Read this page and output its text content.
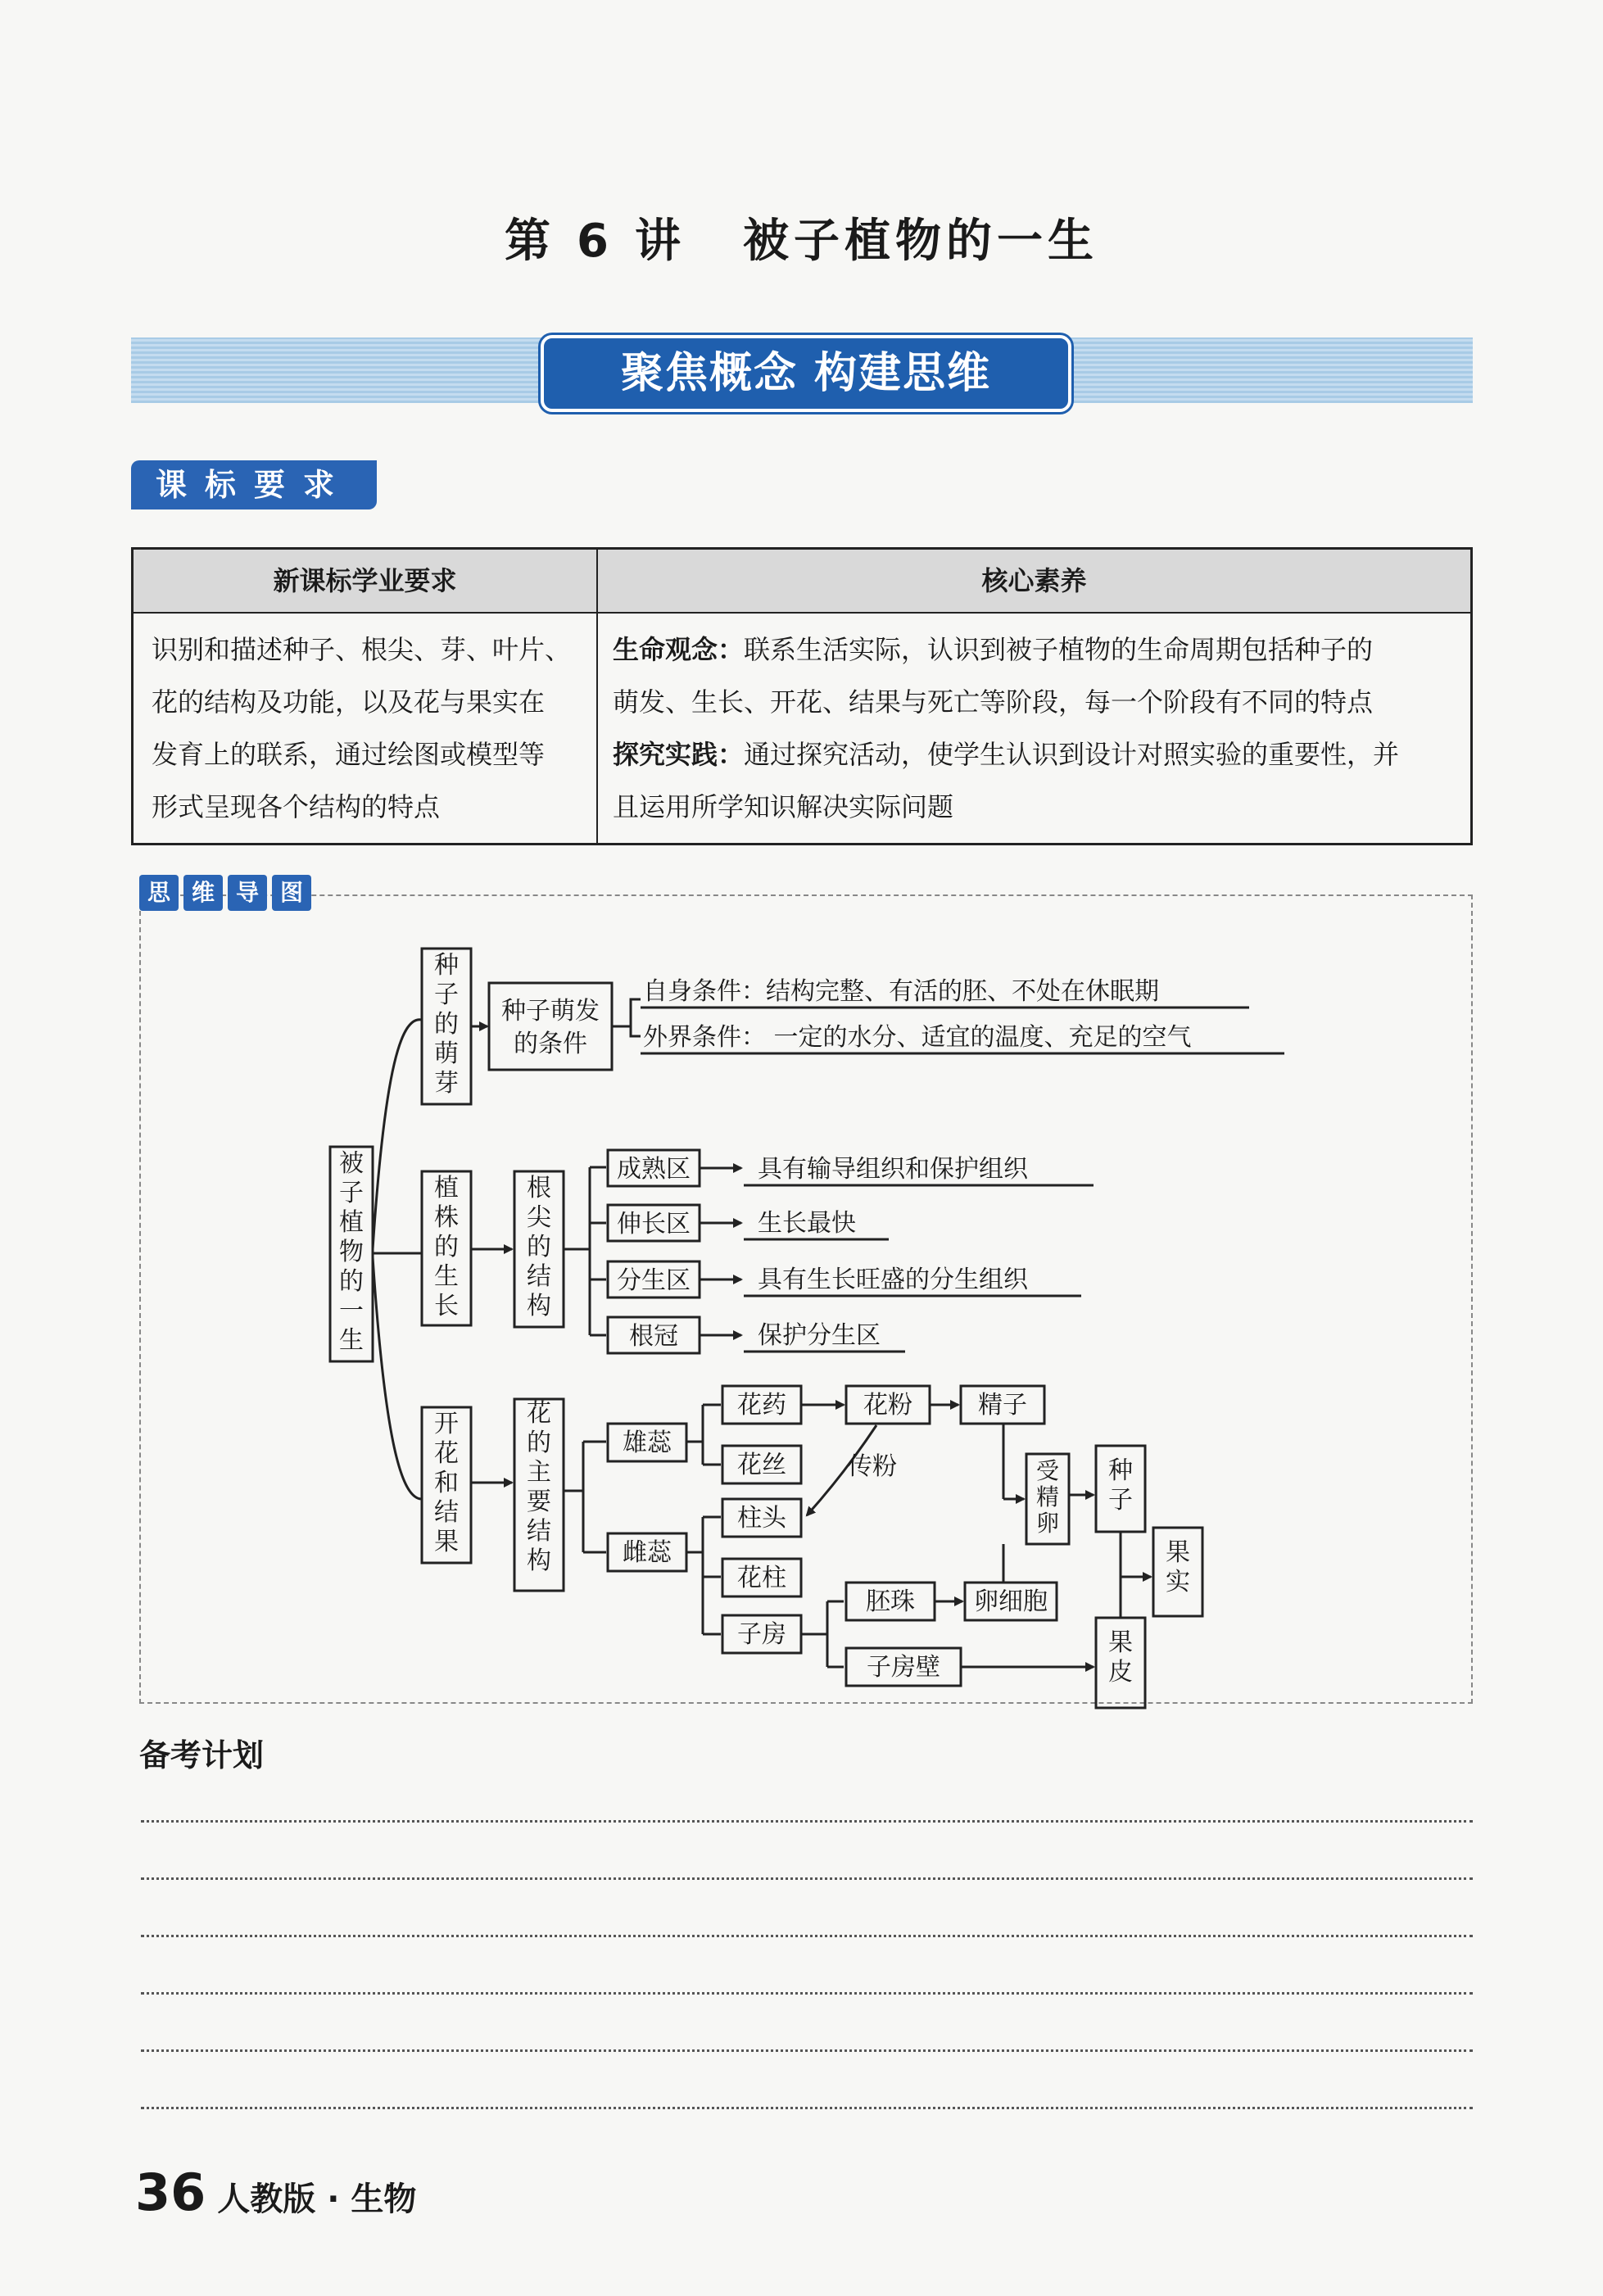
第 6 讲 被子植物的一生
聚焦概念 构建思维
课标要求
新课标学业要求	核心素养
识别和描述种子、根尖、芽、叶片、
花的结构及功能，以及花与果实在
发育上的联系，通过绘图或模型等
形式呈现各个结构的特点
生命观念：联系生活实际，认识到被子植物的生命周期包括种子的
萌发、生长、开花、结果与死亡等阶段，每一个阶段有不同的特点
探究实践：通过探究活动，使学生认识到设计对照实验的重要性，并
且运用所学知识解决实际问题
思 维 导 图
被子植物的一生
种子的萌芽
植株的生长
开花和结果
根尖的结构
花的主要结构
受精卵
种子
果实
果皮
种子萌发
的条件
自身条件：结构完整、有活的胚、不处在休眠期
外界条件： 一定的水分、适宜的温度、充足的空气
成熟区
伸长区
分生区
根冠
具有输导组织和保护组织
生长最快
具有生长旺盛的分生组织
保护分生区
雄蕊
雌蕊
花药
花丝
花粉	精子
传粉
柱头
花柱
子房
胚珠 卵细胞
子房壁
备考计划
36 人教版 · 生物
